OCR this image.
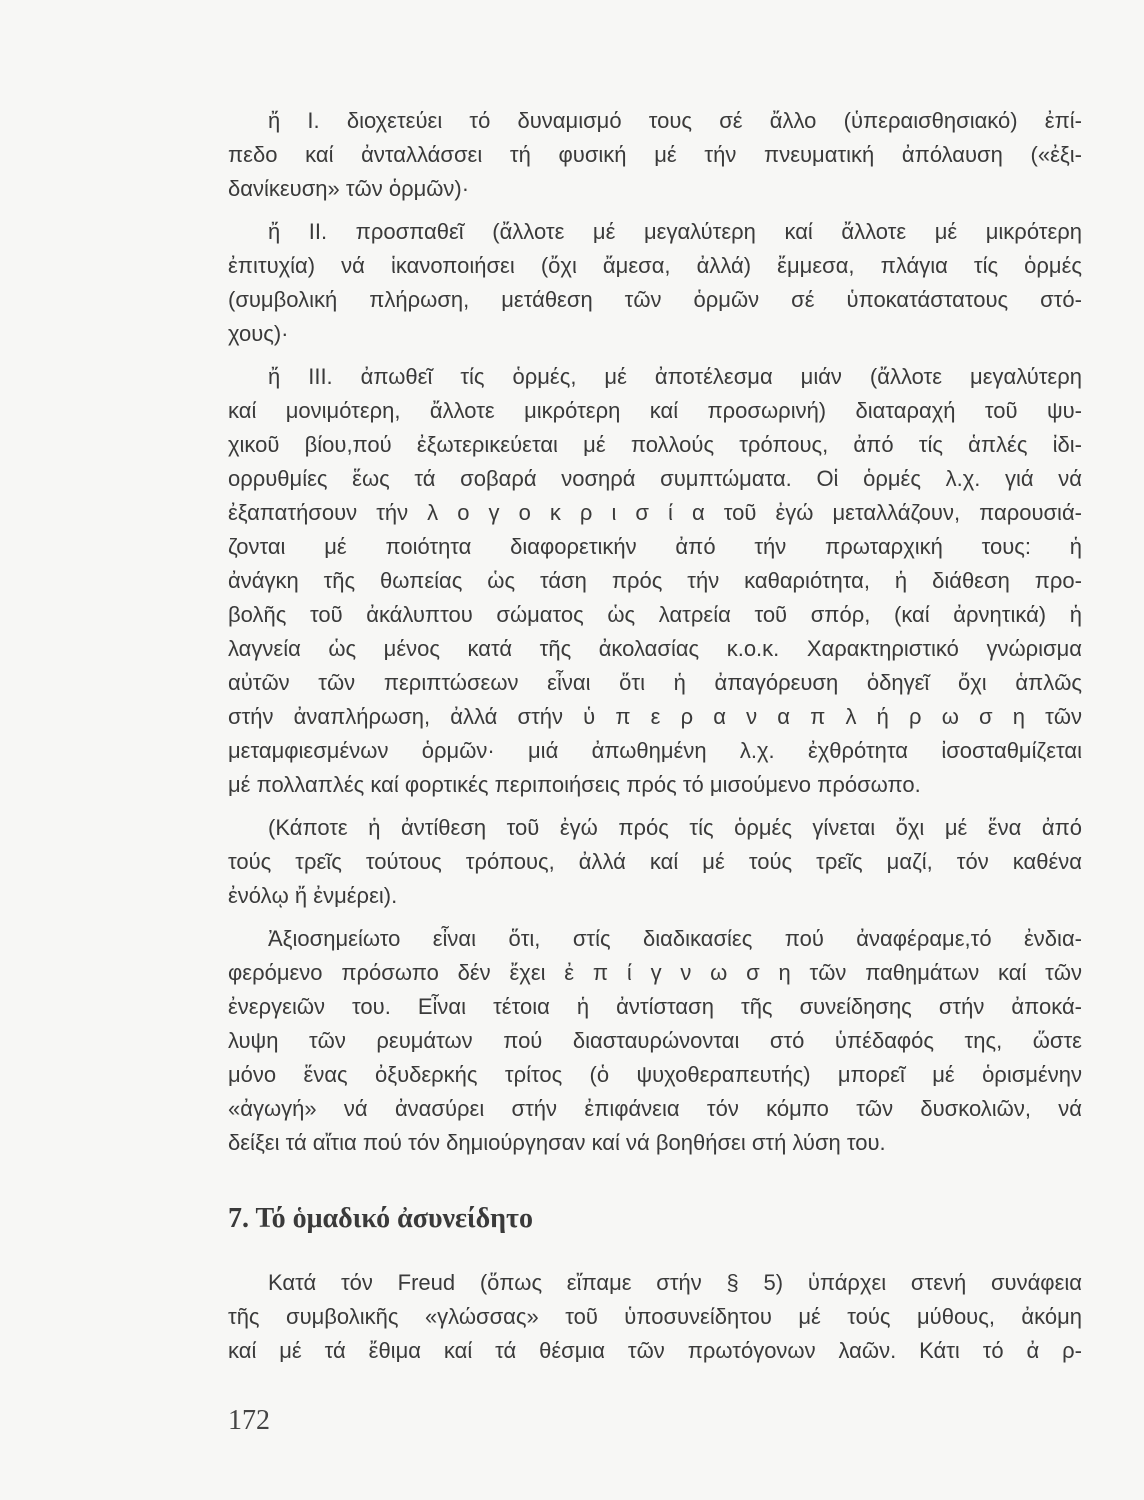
ἤ Ι. διοχετεύει τό δυναμισμό τους σέ ἄλλο (ὑπεραισθησιακό) ἐπί-
πεδο καί ἀνταλλάσσει τή φυσική μέ τήν πνευματική ἀπόλαυση («ἐξι-
δανίκευση» τῶν ὁρμῶν)·
ἤ ΙΙ. προσπαθεῖ (ἄλλοτε μέ μεγαλύτερη καί ἄλλοτε μέ μικρότερη
ἐπιτυχία) νά ἱκανοποιήσει (ὄχι ἄμεσα, ἀλλά) ἔμμεσα, πλάγια τίς ὁρμές
(συμβολική πλήρωση, μετάθεση τῶν ὁρμῶν σέ ὑποκατάστατους στό-
χους)·
ἤ ΙΙΙ. ἀπωθεῖ τίς ὁρμές, μέ ἀποτέλεσμα μιάν (ἄλλοτε μεγαλύτερη
καί μονιμότερη, ἄλλοτε μικρότερη καί προσωρινή) διαταραχή τοῦ ψυ-
χικοῦ βίου,πού ἐξωτερικεύεται μέ πολλούς τρόπους, ἀπό τίς ἁπλές ἰδι-
ορρυθμίες ἕως τά σοβαρά νοσηρά συμπτώματα. Οἱ ὁρμές λ.χ. γιά νά
ἐξαπατήσουν τήν λ ο γ ο κ ρ ι σ ί α τοῦ ἐγώ μεταλλάζουν, παρουσιά-
ζονται μέ ποιότητα διαφορετικήν ἀπό τήν πρωταρχική τους: ἡ
ἀνάγκη τῆς θωπείας ὡς τάση πρός τήν καθαριότητα, ἡ διάθεση προ-
βολῆς τοῦ ἀκάλυπτου σώματος ὡς λατρεία τοῦ σπόρ, (καί ἀρνητικά) ἡ
λαγνεία ὡς μένος κατά τῆς ἀκολασίας κ.ο.κ. Χαρακτηριστικό γνώρισμα
αὐτῶν τῶν περιπτώσεων εἶναι ὅτι ἡ ἀπαγόρευση ὁδηγεῖ ὄχι ἁπλῶς
στήν ἀναπλήρωση, ἀλλά στήν ὑ π ε ρ α ν α π λ ή ρ ω σ η τῶν
μεταμφιεσμένων ὁρμῶν· μιά ἀπωθημένη λ.χ. ἐχθρότητα ἰσοσταθμίζεται
μέ πολλαπλές καί φορτικές περιποιήσεις πρός τό μισούμενο πρόσωπο.
(Κάποτε ἡ ἀντίθεση τοῦ ἐγώ πρός τίς ὁρμές γίνεται ὄχι μέ ἕνα ἀπό
τούς τρεῖς τούτους τρόπους, ἀλλά καί μέ τούς τρεῖς μαζί, τόν καθένα
ἐνόλῳ ἤ ἐνμέρει).
Ἀξιοσημείωτο εἶναι ὅτι, στίς διαδικασίες πού ἀναφέραμε,τό ἐνδια-
φερόμενο πρόσωπο δέν ἔχει ἐ π ί γ ν ω σ η τῶν παθημάτων καί τῶν
ἐνεργειῶν του. Εἶναι τέτοια ἡ ἀντίσταση τῆς συνείδησης στήν ἀποκά-
λυψη τῶν ρευμάτων πού διασταυρώνονται στό ὑπέδαφός της, ὥστε
μόνο ἕνας ὀξυδερκής τρίτος (ὁ ψυχοθεραπευτής) μπορεῖ μέ ὁρισμένην
«ἀγωγή» νά ἀνασύρει στήν ἐπιφάνεια τόν κόμπο τῶν δυσκολιῶν, νά
δείξει τά αἴτια πού τόν δημιούργησαν καί νά βοηθήσει στή λύση του.
7. Τό ὁμαδικό ἀσυνείδητο
Κατά τόν Freud (ὅπως εἴπαμε στήν § 5) ὑπάρχει στενή συνάφεια
τῆς συμβολικῆς «γλώσσας» τοῦ ὑποσυνείδητου μέ τούς μύθους, ἀκόμη
καί μέ τά ἔθιμα καί τά θέσμια τῶν πρωτόγονων λαῶν. Κάτι τό ἀ ρ-
172
